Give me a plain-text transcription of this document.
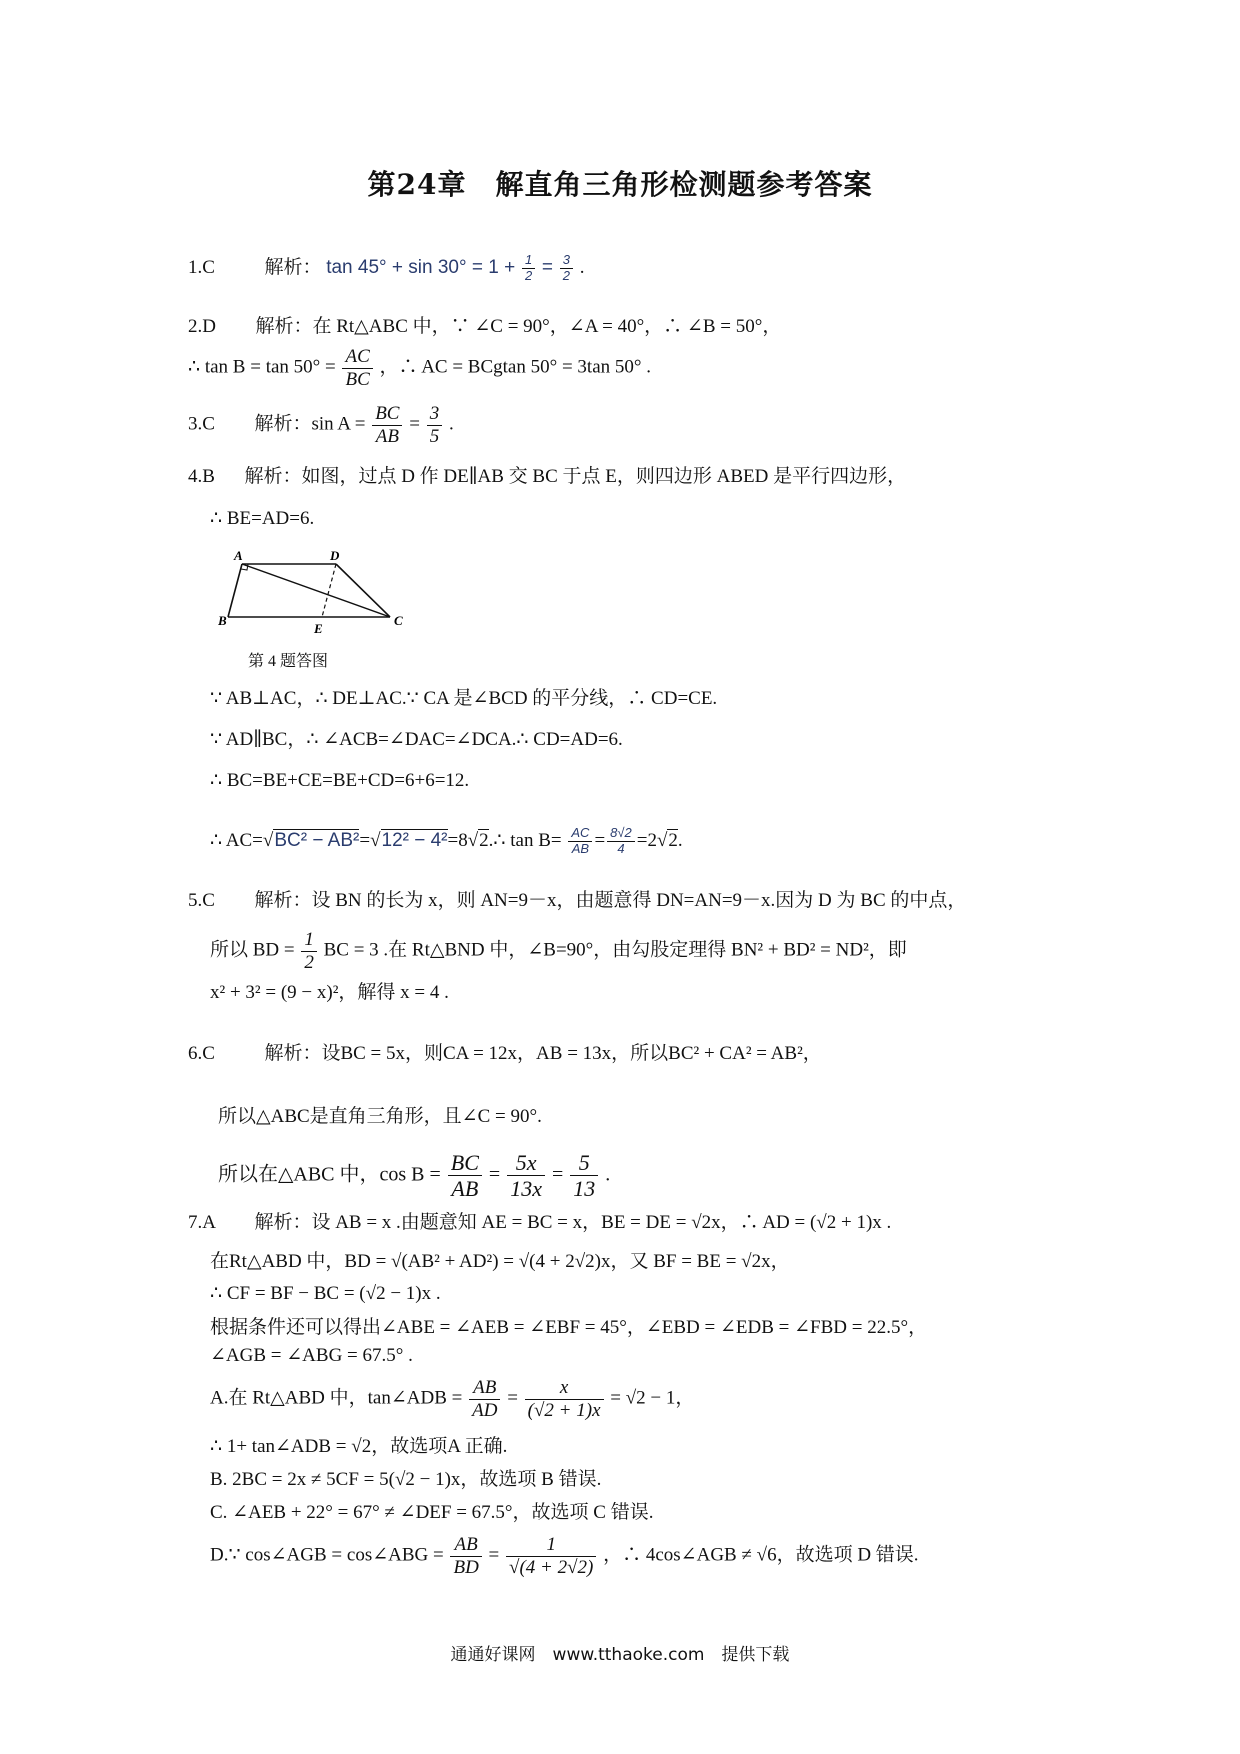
第24章　解直角三角形检测题参考答案
1.C	解析： $\tan 45^\circ + \sin 30^\circ = 1 + \frac{1}{2} = \frac{3}{2}$ .
2.D 解析：在 Rt△ABC 中，∵ ∠C = 90°，∠A = 40°，∴ ∠B = 50°，
∴ $\tan B = \tan 50^\circ = \frac{AC}{BC}$ ，∴ AC = BCgtan 50° = 3tan 50° .
3.C 解析：$\sin A = \frac{BC}{AB} = \frac{3}{5}$ .
4.B 解析：如图，过点 D 作 DE∥AB 交 BC 于点 E，则四边形 ABED 是平行四边形，
∴ BE=AD=6.
A	D
B
E
C
第 4 题答图
∵ AB⊥AC，∴ DE⊥AC.∵ CA 是∠BCD 的平分线，∴ CD=CE.
∵ AD∥BC，∴ ∠ACB=∠DAC=∠DCA.∴ CD=AD=6.
∴ BC=BE+CE=BE+CD=6+6=12.
∴ AC=√BC² − AB²=√12² − 4²=8√2.∴ $\tan B= \frac{AC}{AB} = \frac{8√2}{4} =2√2$.
5.C 解析：设 BN 的长为 x，则 AN=9－x，由题意得 DN=AN=9－x.因为 D 为 BC 的中点，
所以 BD = $\frac{1}{2}$ BC = 3 .在 Rt△BND 中，∠B=90°，由勾股定理得 BN² + BD² = ND²，即
x² + 3² = (9 − x)²，解得 x = 4 .
6.C	解析：设BC = 5x，则CA = 12x，AB = 13x，所以BC² + CA² = AB²，
所以△ABC是直角三角形，且∠C = 90°.
所以在△ABC 中，$\cos B = \frac{BC}{AB} = \frac{5x}{13x} = \frac{5}{13}$ .
7.A 解析：设 AB = x .由题意知 AE = BC = x，BE = DE = √2x，∴ AD = (√2 + 1)x .
在Rt△ABD 中，BD = √(AB² + AD²) = √(4 + 2√2)x，又 BF = BE = √2x，
∴ CF = BF − BC = (√2 − 1)x .
根据条件还可以得出∠ABE = ∠AEB = ∠EBF = 45°，∠EBD = ∠EDB = ∠FBD = 22.5°，
∠AGB = ∠ABG = 67.5° .
A.在 Rt△ABD 中，tan∠ADB = $\frac{AB}{AD} = \frac{x}{(√2 + 1)x} = √2 - 1$，
∴ 1+ tan∠ADB = √2，故选项A 正确.
B. 2BC = 2x ≠ 5CF = 5(√2 − 1)x，故选项 B 错误.
C. ∠AEB + 22° = 67° ≠ ∠DEF = 67.5°，故选项 C 错误.
D.∵ cos∠AGB = cos∠ABG = $\frac{AB}{BD} = \frac{1}{√(4 + 2√2)}$ ，∴ 4cos∠AGB ≠ √6，故选项 D 错误.
通通好课网　www.tthaoke.com　提供下载
